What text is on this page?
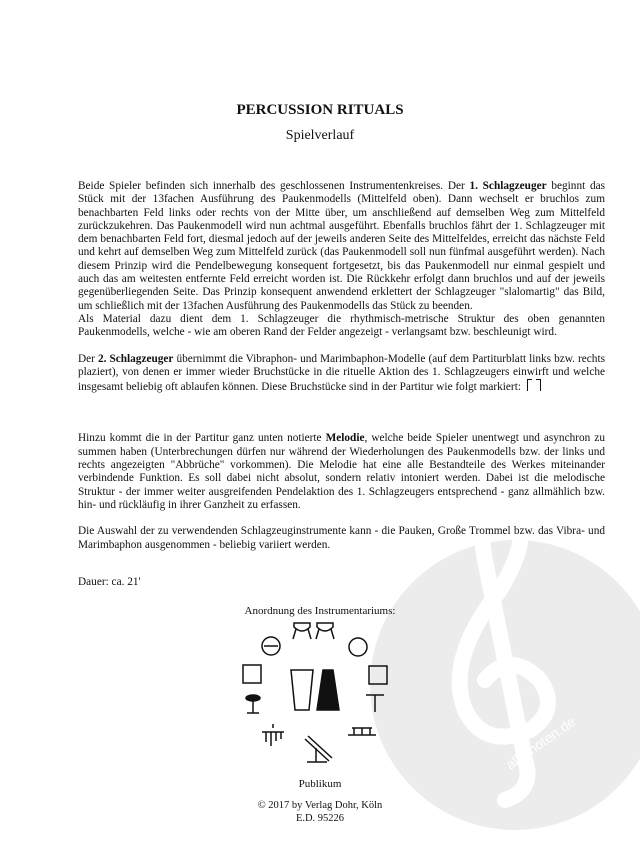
alle-noten.de
PERCUSSION RITUALS
Spielverlauf

Beide Spieler befinden sich innerhalb des geschlossenen Instrumentenkreises. Der 1. Schlagzeuger beginnt das Stück mit der 13fachen Ausführung des Paukenmodells (Mittelfeld oben). Dann wechselt er bruchlos zum benachbarten Feld links oder rechts von der Mitte über, um anschließend auf demselben Weg zum Mittelfeld zurückzukehren. Das Paukenmodell wird nun achtmal ausgeführt. Ebenfalls bruchlos fährt der 1. Schlagzeuger mit dem benachbarten Feld fort, diesmal jedoch auf der jeweils anderen Seite des Mittelfeldes, erreicht das nächste Feld und kehrt auf demselben Weg zum Mittelfeld zurück (das Paukenmodell soll nun fünfmal ausgeführt werden). Nach diesem Prinzip wird die Pendelbewegung konsequent fortgesetzt, bis das Paukenmodell nur einmal gespielt und auch das am weitesten entfernte Feld erreicht worden ist. Die Rückkehr erfolgt dann bruchlos und auf der jeweils gegenüberliegenden Seite. Das Prinzip konsequent anwendend erklettert der Schlagzeuger "slalomartig" das Bild, um schließlich mit der 13fachen Ausführung des Paukenmodells das Stück zu beenden.
Als Material dazu dient dem 1. Schlagzeuger die rhythmisch-metrische Struktur des oben genannten Paukenmodells, welche - wie am oberen Rand der Felder angezeigt - verlangsamt bzw. beschleunigt wird.

Der 2. Schlagzeuger übernimmt die Vibraphon- und Marimbaphon-Modelle (auf dem Partiturblatt links bzw. rechts plaziert), von denen er immer wieder Bruchstücke in die rituelle Aktion des 1. Schlagzeugers einwirft und welche insgesamt beliebig oft ablaufen können. Diese Bruchstücke sind in der Partitur wie folgt markiert:

Hinzu kommt die in der Partitur ganz unten notierte Melodie, welche beide Spieler unentwegt und asynchron zu summen haben (Unterbrechungen dürfen nur während der Wiederholungen des Paukenmodells bzw. der links und rechts angezeigten "Abbrüche" vorkommen). Die Melodie hat eine alle Bestandteile des Werkes miteinander verbindende Funktion. Es soll dabei nicht absolut, sondern relativ intoniert werden. Dabei ist die melodische Struktur - der immer weiter ausgreifenden Pendelaktion des 1. Schlagzeugers entsprechend - ganz allmählich bzw. hin- und rückläufig in ihrer Ganzheit zu erfassen.

Die Auswahl der zu verwendenden Schlagzeuginstrumente kann - die Pauken, Große Trommel bzw. das Vibra- und Marimbaphon ausgenommen - beliebig variiert werden.

Dauer: ca. 21'

Anordnung des Instrumentariums:
Publikum
© 2017 by Verlag Dohr, Köln
E.D. 95226
